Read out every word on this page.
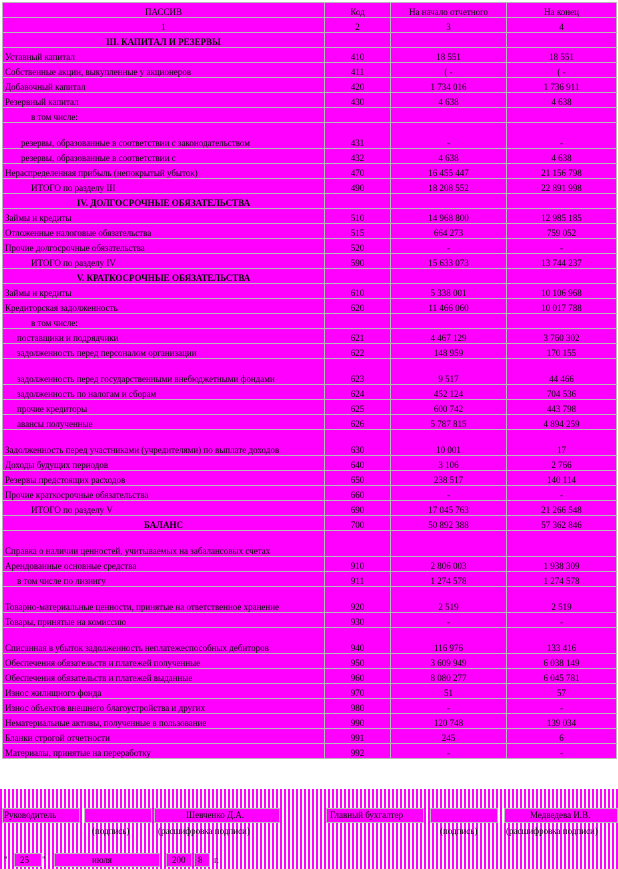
ПАССИВ	Код	На начало отчетного	На конец
1	2	3	4
III. КАПИТАЛ И РЕЗЕРВЫ			
Уставный капитал	410	18 551	18 551
Собственные акции, выкупленные у акционеров	411	( -	( -
Добавочный капитал	420	1 734 016	1 736 911
Резервный капитал	430	4 638	4 638
в том числе:			
резервы, образованные в соответствии с законодательством	431	-	-
резервы, образованные в соответствии с	432	4 638	4 638
Нераспределенная прибыль (непокрытый убыток)	470	16 455 447	21 156 798
ИТОГО по разделу III	490	18 208 552	22 891 998
IV. ДОЛГОСРОЧНЫЕ ОБЯЗАТЕЛЬСТВА			
Займы и кредиты	510	14 968 800	12 985 185
Отложенные налоговые обязательства	515	664 273	759 052
Прочие долгосрочные обязательства	520	-	-
ИТОГО по разделу IV	590	15 633 073	13 744 237
V. КРАТКОСРОЧНЫЕ ОБЯЗАТЕЛЬСТВА			
Займы и кредиты	610	5 338 001	10 106 968
Кредиторская задолженность	620	11 466 060	10 017 788
в том числе:			
поставщики и подрядчики	621	4 467 129	3 760 302
задолженность перед персоналом организации	622	148 959	170 155
задолженность перед государственными внебюджетными фондами	623	9 517	44 466
задолженность по налогам и сборам	624	452 124	704 536
прочие кредиторы	625	600 742	443 798
авансы полученные	626	5 787 815	4 894 259
Задолженность перед участниками (учредителями) по выплате доходов	630	10 001	17
Доходы будущих периодов	640	3 106	2 766
Резервы предстоящих расходов	650	238 517	140 114
Прочие краткосрочные обязательства	660	-	-
ИТОГО по разделу V	690	17 045 763	21 266 548
БАЛАНС	700	50 892 388	57 362 846
Справка о наличии ценностей, учитываемых на забалансовых счетах			
Арендованные основные средства	910	2 806 003	1 938 309
в том числе по лизингу	911	1 274 578	1 274 578
Товарно-материальные ценности, принятые на ответственное хранение	920	2 519	2 519
Товары, принятые на комиссию	930	-	-
Списанная в убыток задолженность неплатежеспособных дебиторов	940	116 976	133 416
Обеспечения обязательств и платежей полученные	950	3 609 949	6 038 149
Обеспечения обязательств и платежей выданные	960	8 080 277	6 045 781
Износ жилищного фонда	970	51	57
Износ объектов внешнего благоустройства и других	980	-	-
Нематериальные активы, полученные в пользование	990	120 748	139 034
Бланки строгой отчетности	991	245	6
Материалы, принятые на переработку	992	-	-
Руководитель
(подпись)
Шевченко Д.А.
(расшифровка подписи)
Главный бухгалтер
(подпись)
Медведева И.В.
(расшифровка подписи)
" 25 "	июля	200 8 г.
